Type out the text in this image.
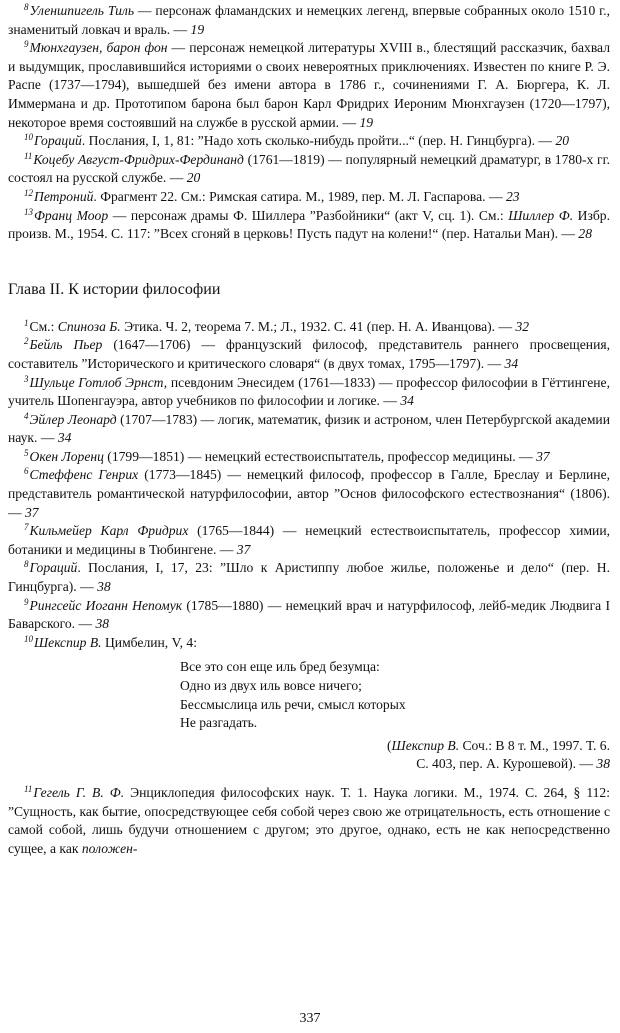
$^8$Уленшпигель Тиль — персонаж фламандских и немецких легенд, впервые собранных около 1510 г., знаменитый ловкач и враль. — 19

$^9$Мюнхгаузен, барон фон — персонаж немецкой литературы XVIII в., блестящий рассказчик, бахвал и выдумщик, прославившийся историями о своих невероятных приключениях. Известен по книге Р. Э. Распе (1737—1794), вышедшей без имени автора в 1786 г., сочинениями Г. А. Бюргера, К. Л. Иммермана и др. Прототипом барона был барон Карл Фридрих Иероним Мюнхгаузен (1720—1797), некоторое время состоявший на службе в русской армии. — 19

$^{10}$Гораций. Послания, I, 1, 81: ”Надо хоть сколько-нибудь пройти...“ (пер. Н. Гинцбурга). — 20

$^{11}$Коцебу Август-Фридрих-Фердинанд (1761—1819) — популярный немецкий драматург, в 1780-х гг. состоял на русской службе. — 20

$^{12}$Петроний. Фрагмент 22. См.: Римская сатира. М., 1989, пер. М. Л. Гаспарова. — 23

$^{13}$Франц Моор — персонаж драмы Ф. Шиллера ”Разбойники“ (акт V, сц. 1). См.: Шиллер Ф. Избр. произв. М., 1954. С. 117: ”Всех сгоняй в церковь! Пусть падут на колени!“ (пер. Натальи Ман). — 28

Глава II. К истории философии

$^1$См.: Спиноза Б. Этика. Ч. 2, теорема 7. М.; Л., 1932. С. 41 (пер. Н. А. Иванцова). — 32

$^2$Бейль Пьер (1647—1706) — французский философ, представитель раннего просвещения, составитель ”Исторического и критического словаря“ (в двух томах, 1795—1797). — 34

$^3$Шульце Готлоб Эрнст, псевдоним Энесидем (1761—1833) — профессор философии в Гёттингене, учитель Шопенгауэра, автор учебников по философии и логике. — 34

$^4$Эйлер Леонард (1707—1783) — логик, математик, физик и астроном, член Петербургской академии наук. — 34

$^5$Окен Лоренц (1799—1851) — немецкий естествоиспытатель, профессор медицины. — 37

$^6$Стеффенс Генрих (1773—1845) — немецкий философ, профессор в Галле, Бреслау и Берлине, представитель романтической натурфилософии, автор ”Основ философского естествознания“ (1806). — 37

$^7$Кильмейер Карл Фридрих (1765—1844) — немецкий естествоиспытатель, профессор химии, ботаники и медицины в Тюбингене. — 37

$^8$Гораций. Послания, I, 17, 23: ”Шло к Аристиппу любое жилье, положенье и дело“ (пер. Н. Гинцбурга). — 38

$^9$Рингсейс Иоганн Непомук (1785—1880) — немецкий врач и натурфилософ, лейб-медик Людвига I Баварского. — 38

$^{10}$Шекспир В. Цимбелин, V, 4:

Все это сон еще иль бред безумца:
Одно из двух иль вовсе ничего;
Бессмыслица иль речи, смысл которых
Не разгадать.
(Шекспир В. Соч.: В 8 т. М., 1997. Т. 6.
С. 403, пер. А. Курошевой). — 38

$^{11}$Гегель Г. В. Ф. Энциклопедия философских наук. Т. 1. Наука логики. М., 1974. С. 264, § 112: ”Сущность, как бытие, опосредствующее себя собой через свою же отрицательность, есть отношение с самой собой, лишь будучи отношением с другом; это другое, однако, есть не как непосредственно сущее, а как положен-

337
